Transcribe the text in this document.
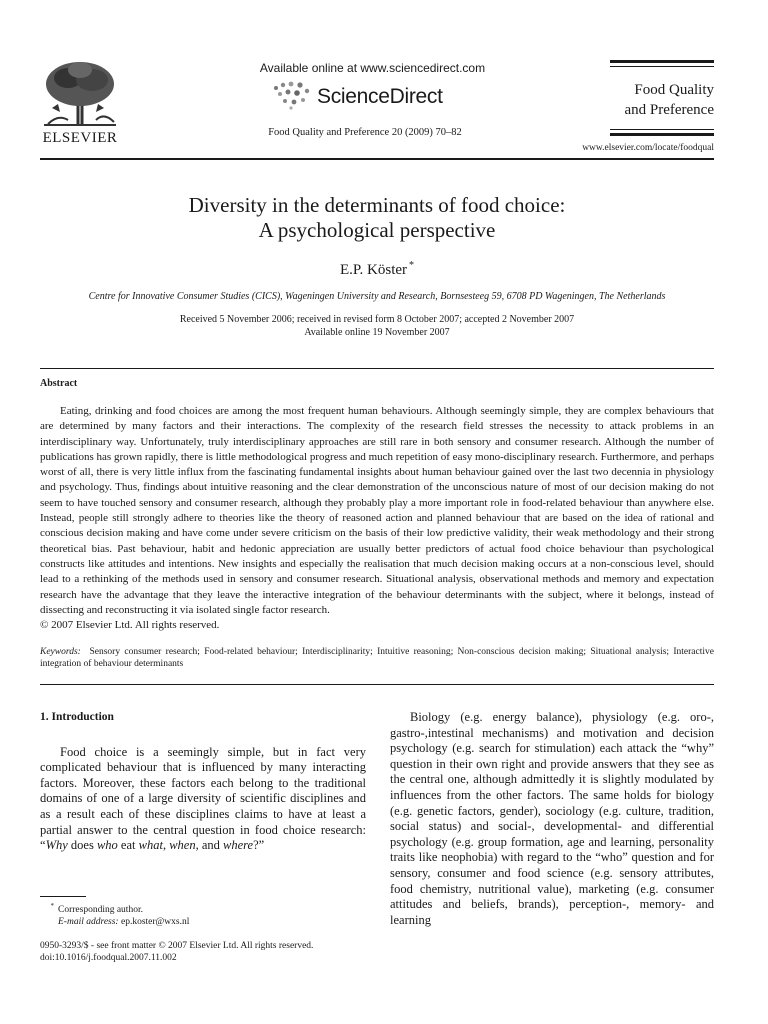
ELSEVIER
Available online at www.sciencedirect.com
ScienceDirect
Food Quality and Preference 20 (2009) 70–82
Food Quality
and Preference
www.elsevier.com/locate/foodqual
Diversity in the determinants of food choice:
A psychological perspective
E.P. Köster *
Centre for Innovative Consumer Studies (CICS), Wageningen University and Research, Bornsesteeg 59, 6708 PD Wageningen, The Netherlands
Received 5 November 2006; received in revised form 8 October 2007; accepted 2 November 2007
Available online 19 November 2007
Abstract

Eating, drinking and food choices are among the most frequent human behaviours. Although seemingly simple, they are complex behaviours that are determined by many factors and their interactions. The complexity of the research field stresses the necessity to attack problems in an interdisciplinary way. Unfortunately, truly interdisciplinary approaches are still rare in both sensory and consumer research. Although the number of publications has grown rapidly, there is little methodological progress and much repetition of easy mono-disciplinary research. Furthermore, and perhaps worst of all, there is very little influx from the fascinating fundamental insights about human behaviour gained over the last two decennia in physiology and psychology. Thus, findings about intuitive reasoning and the clear demonstration of the unconscious nature of most of our decision making do not seem to have touched sensory and consumer research, although they probably play a more important role in food-related behaviour than anywhere else. Instead, people still strongly adhere to theories like the theory of reasoned action and planned behaviour that are based on the idea of rational and conscious decision making and have come under severe criticism on the basis of their low predictive validity, their weak methodology and their strong theoretical bias. Past behaviour, habit and hedonic appreciation are usually better predictors of actual food choice behaviour than psychological constructs like attitudes and intentions. New insights and especially the realisation that much decision making occurs at a non-conscious level, should lead to a rethinking of the methods used in sensory and consumer research. Situational analysis, observational methods and memory and expectation research have the advantage that they leave the interactive integration of the behaviour determinants with the subject, where it belongs, instead of dissecting and reconstructing it via isolated single factor research.

© 2007 Elsevier Ltd. All rights reserved.
Keywords: Sensory consumer research; Food-related behaviour; Interdisciplinarity; Intuitive reasoning; Non-conscious decision making; Situational analysis; Interactive integration of behaviour determinants
1. Introduction

Food choice is a seemingly simple, but in fact very complicated behaviour that is influenced by many interacting factors. Moreover, these factors each belong to the traditional domains of one of a large diversity of scientific disciplines and as a result each of these disciplines claims to have at least a partial answer to the central question in food choice research: “Why does who eat what, when, and where?”

Biology (e.g. energy balance), physiology (e.g. oro-, gastro-,intestinal mechanisms) and motivation and decision psychology (e.g. search for stimulation) each attack the “why” question in their own right and provide answers that they see as the central one, although admittedly it is slightly modulated by influences from the other factors. The same holds for biology (e.g. genetic factors, gender), sociology (e.g. culture, tradition, social status) and social-, developmental- and differential psychology (e.g. group formation, age and learning, personality traits like neophobia) with regard to the “who” question and for sensory, consumer and food science (e.g. sensory attributes, food chemistry, nutritional value), marketing (e.g. consumer attitudes and beliefs, brands), perception-, memory- and learning

* Corresponding author.
E-mail address: ep.koster@wxs.nl
0950-3293/$ - see front matter © 2007 Elsevier Ltd. All rights reserved.
doi:10.1016/j.foodqual.2007.11.002
